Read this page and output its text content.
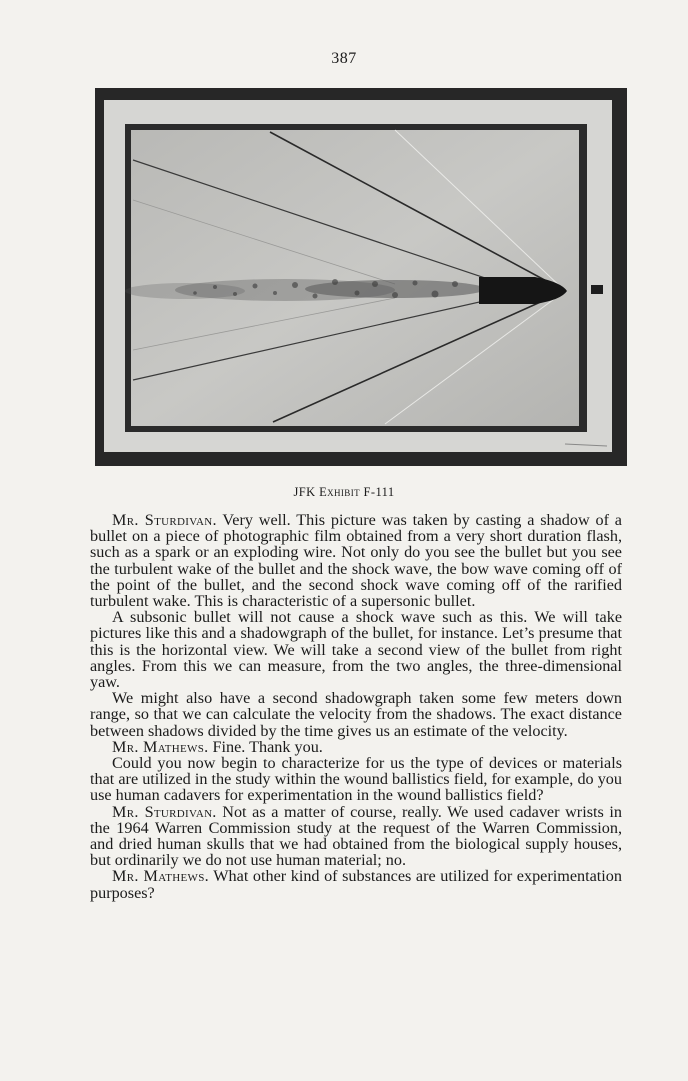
387
JFK Exhibit F-111

Mr. Sturdivan. Very well. This picture was taken by casting a shadow of a bullet on a piece of photographic film obtained from a very short duration flash, such as a spark or an exploding wire. Not only do you see the bullet but you see the turbulent wake of the bullet and the shock wave, the bow wave coming off of the point of the bullet, and the second shock wave coming off of the rarified turbulent wake. This is characteristic of a supersonic bullet.

A subsonic bullet will not cause a shock wave such as this. We will take pictures like this and a shadowgraph of the bullet, for instance. Let’s presume that this is the horizontal view. We will take a second view of the bullet from right angles. From this we can measure, from the two angles, the three-dimensional yaw.

We might also have a second shadowgraph taken some few meters down range, so that we can calculate the velocity from the shadows. The exact distance between shadows divided by the time gives us an estimate of the velocity.

Mr. Mathews. Fine. Thank you.

Could you now begin to characterize for us the type of devices or materials that are utilized in the study within the wound ballistics field, for example, do you use human cadavers for experimentation in the wound ballistics field?

Mr. Sturdivan. Not as a matter of course, really. We used cadaver wrists in the 1964 Warren Commission study at the request of the Warren Commission, and dried human skulls that we had obtained from the biological supply houses, but ordinarily we do not use human material; no.

Mr. Mathews. What other kind of substances are utilized for experimentation purposes?
